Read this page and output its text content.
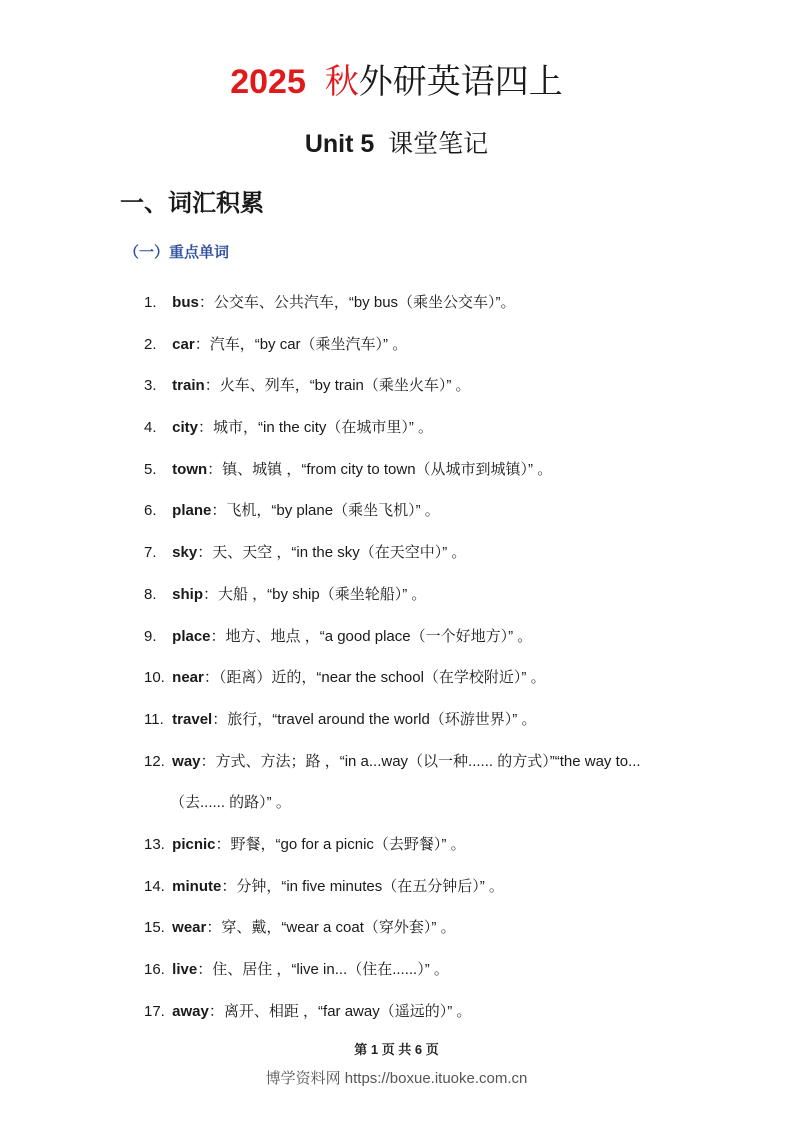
2025 秋外研英语四上
Unit 5 课堂笔记
一、词汇积累
（一）重点单词
1. bus：公交车、公共汽车，“by bus（乘坐公交车）”。
2. car：汽车，“by car（乘坐汽车）” 。
3. train：火车、列车，“by train（乘坐火车）” 。
4. city：城市，“in the city（在城市里）” 。
5. town：镇、城镇 ，“from city to town（从城市到城镇）” 。
6. plane：飞机，“by plane（乘坐飞机）” 。
7. sky：天、天空 ，“in the sky（在天空中）” 。
8. ship：大船 ，“by ship（乘坐轮船）” 。
9. place：地方、地点 ，“a good place（一个好地方）” 。
10. near：（距离）近的，“near the school（在学校附近）” 。
11. travel：旅行，“travel around the world（环游世界）” 。
12. way：方式、方法；路 ，“in a...way（以一种...... 的方式）”“the way to...
（去...... 的路）” 。
13. picnic：野餐，“go for a picnic（去野餐）” 。
14. minute：分钟，“in five minutes（在五分钟后）” 。
15. wear：穿、戴，“wear a coat（穿外套）” 。
16. live：住、居住 ，“live in...（住在......）” 。
17. away：离开、相距 ，“far away（遥远的）” 。
第 1 页 共 6 页
博学资料网 https://boxue.ituoke.com.cn
